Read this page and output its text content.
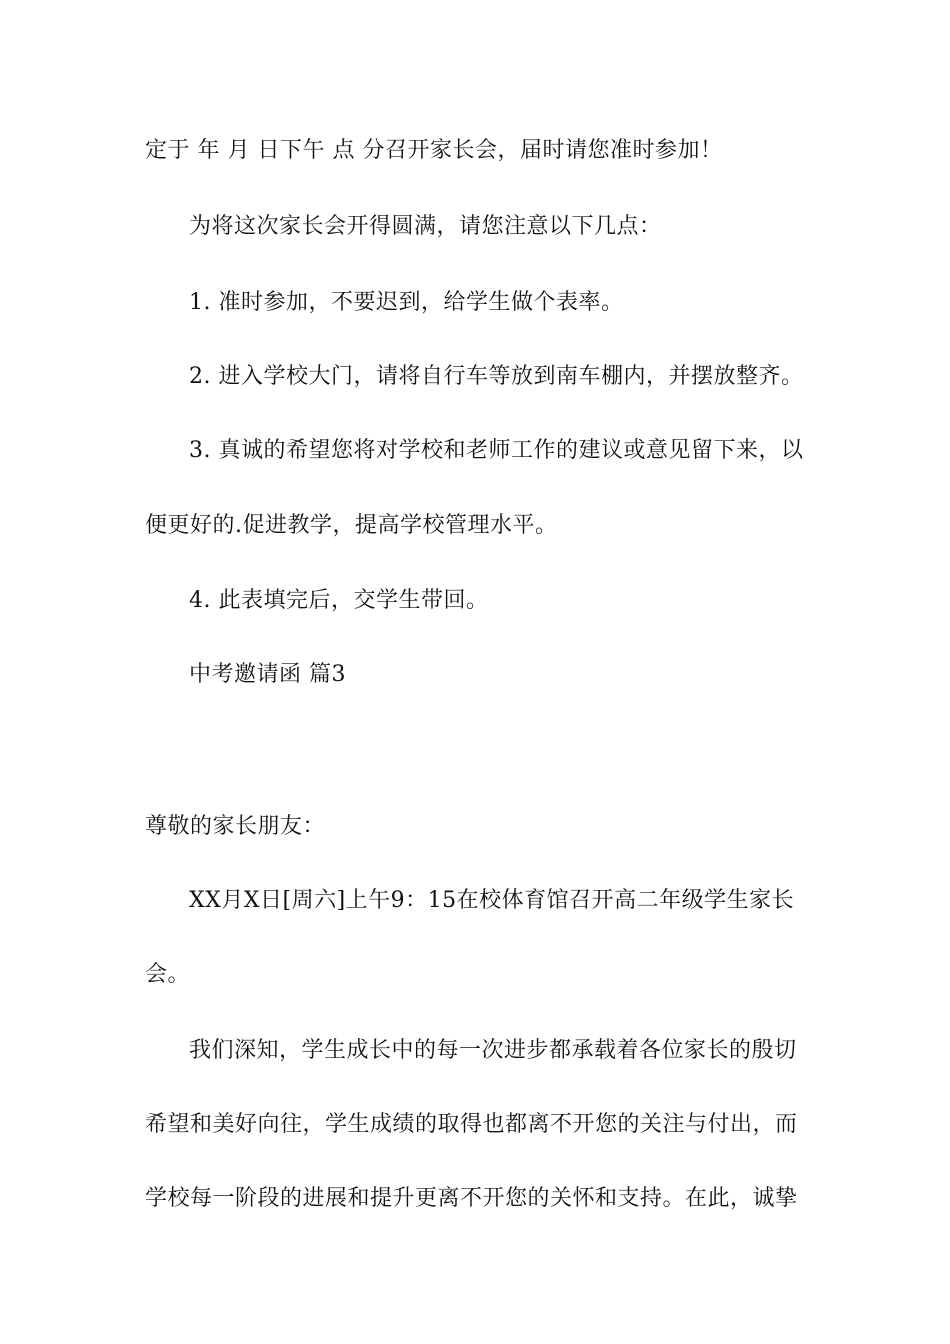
定于 年 月 日下午 点 分召开家长会，届时请您准时参加！
为将这次家长会开得圆满，请您注意以下几点：
1. 准时参加，不要迟到，给学生做个表率。
2. 进入学校大门，请将自行车等放到南车棚内，并摆放整齐。
3. 真诚的希望您将对学校和老师工作的建议或意见留下来，以
便更好的.促进教学，提高学校管理水平。
4. 此表填完后，交学生带回。
中考邀请函 篇3
尊敬的家长朋友：
XX月X日[周六]上午9：15在校体育馆召开高二年级学生家长
会。
我们深知，学生成长中的每一次进步都承载着各位家长的殷切
希望和美好向往，学生成绩的取得也都离不开您的关注与付出，而
学校每一阶段的进展和提升更离不开您的关怀和支持。在此，诚挚
